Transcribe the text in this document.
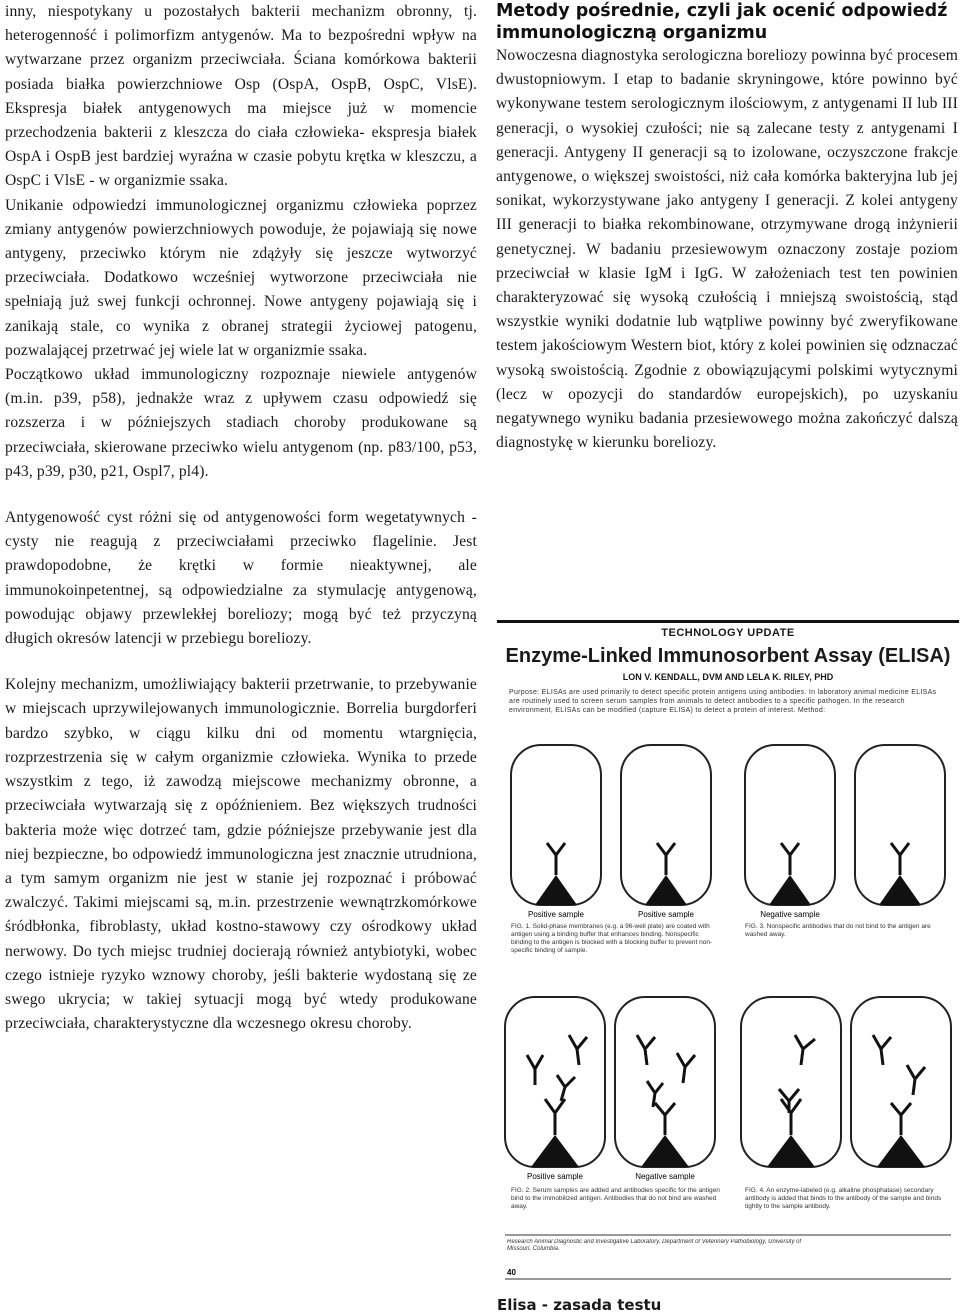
inny, niespotykany u pozostałych bakterii mechanizm obronny, tj. heterogenność i polimorfizm antygenów. Ma to bezpośredni wpływ na wytwarzane przez organizm przeciwciała. Ściana komórkowa bakterii posiada białka powierzchniowe Osp (OspA, OspB, OspC, VlsE). Ekspresja białek antygenowych ma miejsce już w momencie przechodzenia bakterii z kleszcza do ciała człowieka- ekspresja białek OspA i OspB jest bardziej wyraźna w czasie pobytu krętka w kleszczu, a OspC i VlsE - w organizmie ssaka.

Unikanie odpowiedzi immunologicznej organizmu człowieka poprzez zmiany antygenów powierzchniowych powoduje, że pojawiają się nowe antygeny, przeciwko którym nie zdążyły się jeszcze wytworzyć przeciwciała. Dodatkowo wcześniej wytworzone przeciwciała nie spełniają już swej funkcji ochronnej. Nowe antygeny pojawiają się i zanikają stale, co wynika z obranej strategii życiowej patogenu, pozwalającej przetrwać jej wiele lat w organizmie ssaka.

Początkowo układ immunologiczny rozpoznaje niewiele antygenów (m.in. p39, p58), jednakże wraz z upływem czasu odpowiedź się rozszerza i w późniejszych stadiach choroby produkowane są przeciwciała, skierowane przeciwko wielu antygenom (np. p83/100, p53, p43, p39, p30, p21, Ospl7, pl4).

Antygenowość cyst różni się od antygenowości form wegetatywnych - cysty nie reagują z przeciwciałami przeciwko flagelinie. Jest prawdopodobne, że krętki w formie nieaktywnej, ale immunokoinpetentnej, są odpowiedzialne za stymulację antygenową, powodując objawy przewlekłej boreliozy; mogą być też przyczyną długich okresów latencji w przebiegu boreliozy.

Kolejny mechanizm, umożliwiający bakterii przetrwanie, to przebywanie w miejscach uprzywilejowanych immunologicznie. Borrelia burgdorferi bardzo szybko, w ciągu kilku dni od momentu wtargnięcia, rozprzestrzenia się w całym organizmie człowieka. Wynika to przede wszystkim z tego, iż zawodzą miejscowe mechanizmy obronne, a przeciwciała wytwarzają się z opóźnieniem. Bez większych trudności bakteria może więc dotrzeć tam, gdzie późniejsze przebywanie jest dla niej bezpieczne, bo odpowiedź immunologiczna jest znacznie utrudniona, a tym samym organizm nie jest w stanie jej rozpoznać i próbować zwalczyć. Takimi miejscami są, m.in. przestrzenie wewnątrzkomórkowe śródbłonka, fibroblasty, układ kostno-stawowy czy ośrodkowy układ nerwowy. Do tych miejsc trudniej docierają również antybiotyki, wobec czego istnieje ryzyko wznowy choroby, jeśli bakterie wydostaną się ze swego ukrycia; w takiej sytuacji mogą być wtedy produkowane przeciwciała, charakterystyczne dla wczesnego okresu choroby.

Metody pośrednie, czyli jak ocenić odpowiedź immunologiczną organizmu

Nowoczesna diagnostyka serologiczna boreliozy powinna być procesem dwustopniowym. I etap to badanie skryningowe, które powinno być wykonywane testem serologicznym ilościowym, z antygenami II lub III generacji, o wysokiej czułości; nie są zalecane testy z antygenami I generacji. Antygeny II generacji są to izolowane, oczyszczone frakcje antygenowe, o większej swoistości, niż cała komórka bakteryjna lub jej sonikat, wykorzystywane jako antygeny I generacji. Z kolei antygeny III generacji to białka rekombinowane, otrzymywane drogą inżynierii genetycznej. W badaniu przesiewowym oznaczony zostaje poziom przeciwciał w klasie IgM i IgG. W założeniach test ten powinien charakteryzować się wysoką czułością i mniejszą swoistością, stąd wszystkie wyniki dodatnie lub wątpliwe powinny być zweryfikowane testem jakościowym Western biot, który z kolei powinien się odznaczać wysoką swoistością. Zgodnie z obowiązującymi polskimi wytycznymi (lecz w opozycji do standardów europejskich), po uzyskaniu negatywnego wyniku badania przesiewowego można zakończyć dalszą diagnostykę w kierunku boreliozy.

TECHNOLOGY UPDATE
Enzyme-Linked Immunosorbent Assay (ELISA)
LON V. KENDALL, DVM AND LELA K. RILEY, PHD
Purpose: ELISAs are used primarily to detect specific protein antigens using antibodies. In laboratory animal medicine ELISAs are routinely used to screen serum samples from animals to detect antibodies to a specific pathogen. In the research environment, ELISAs can be modified (capture ELISA) to detect a protein of interest. Method:
Positive sample	Positive sample	Negative sample
FIG. 1. Solid-phase membranes (e.g. a 96-well plate) are coated with antigen using a binding buffer that enhances binding. Nonspecific binding to the antigen is blocked with a blocking buffer to prevent non-specific binding of sample.
FIG. 3. Nonspecific antibodies that do not bind to the antigen are washed away.
Positive sample	Negative sample
FIG. 2. Serum samples are added and antibodies specific for the antigen bind to the immobilized antigen. Antibodies that do not bind are washed away.
FIG. 4. An enzyme-labeled (e.g. alkaline phosphatase) secondary antibody is added that binds to the antibody of the sample and binds tightly to the sample antibody.
Research Animal Diagnostic and Investigative Laboratory, Department of Veterinary Pathobiology, University of Missouri, Columbia.
40
Elisa - zasada testu
